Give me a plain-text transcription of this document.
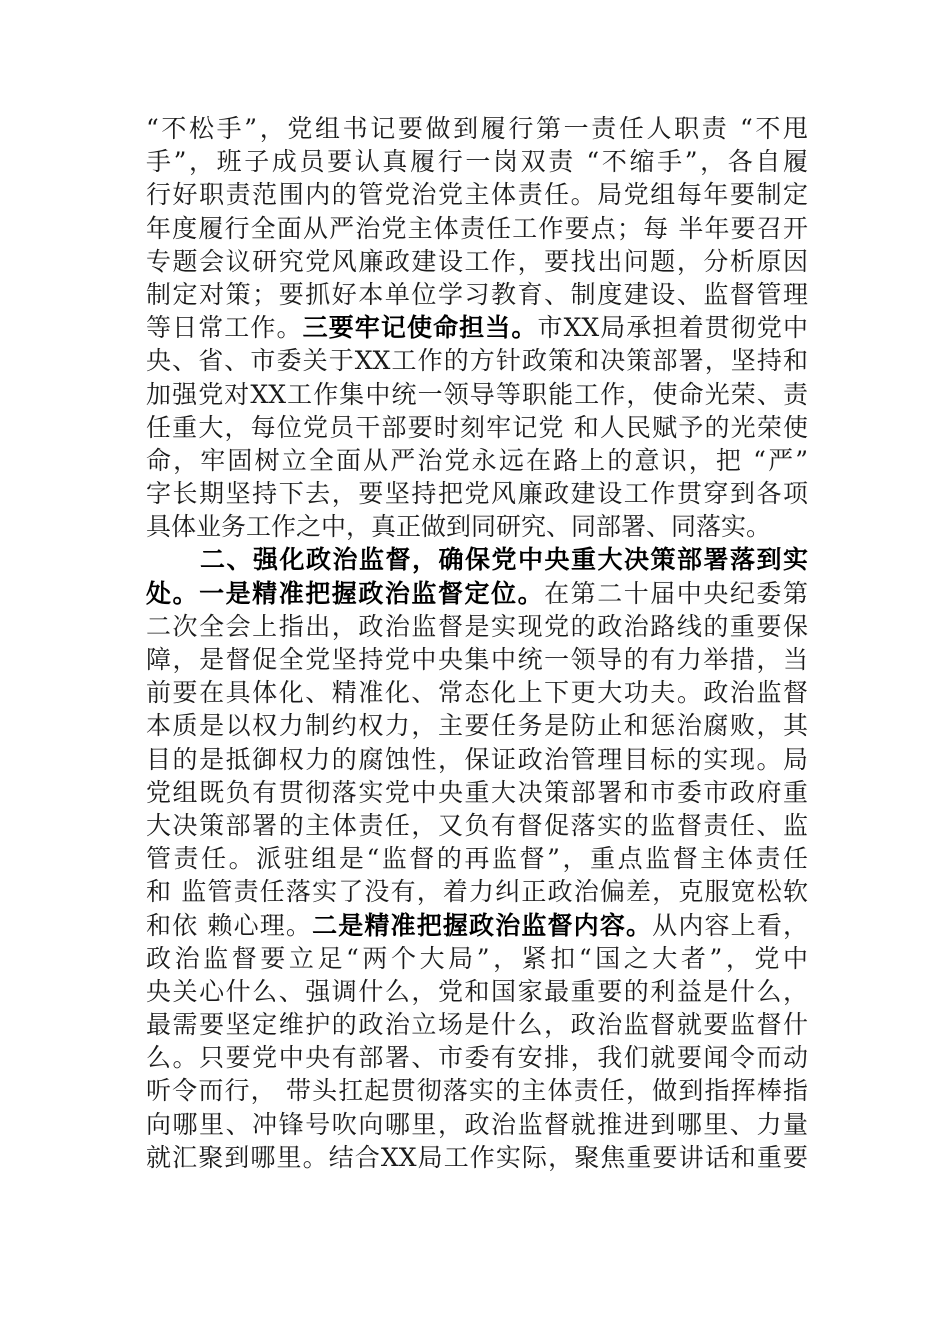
“不松手”，党组书记要做到履行第一责任人职责 “不甩
手”，班子成员要认真履行一岗双责 “不缩手”，各自履
行好职责范围内的管党治党主体责任。局党组每年要制定
年度履行全面从严治党主体责任工作要点；每 半年要召开
专题会议研究党风廉政建设工作，要找出问题，分析原因
制定对策；要抓好本单位学习教育、制度建设、监督管理
等日常工作。三要牢记使命担当。市XX局承担着贯彻党中
央、省、市委关于XX工作的方针政策和决策部署，坚持和
加强党对XX工作集中统一领导等职能工作，使命光荣、责
任重大，每位党员干部要时刻牢记党 和人民赋予的光荣使
命，牢固树立全面从严治党永远在路上的意识，把 “严”
字长期坚持下去，要坚持把党风廉政建设工作贯穿到各项
具体业务工作之中，真正做到同研究、同部署、同落实。
二、强化政治监督，确保党中央重大决策部署落到实
处。一是精准把握政治监督定位。在第二十届中央纪委第
二次全会上指出，政治监督是实现党的政治路线的重要保
障，是督促全党坚持党中央集中统一领导的有力举措，当
前要在具体化、精准化、常态化上下更大功夫。政治监督
本质是以权力制约权力，主要任务是防止和惩治腐败，其
目的是抵御权力的腐蚀性，保证政治管理目标的实现。局
党组既负有贯彻落实党中央重大决策部署和市委市政府重
大决策部署的主体责任，又负有督促落实的监督责任、监
管责任。派驻组是“监督的再监督”，重点监督主体责任
和 监管责任落实了没有，着力纠正政治偏差，克服宽松软
和依 赖心理。二是精准把握政治监督内容。从内容上看，
政治监督要立足“两个大局”，紧扣“国之大者”，党中
央关心什么、强调什么，党和国家最重要的利益是什么，
最需要坚定维护的政治立场是什么，政治监督就要监督什
么。只要党中央有部署、市委有安排，我们就要闻令而动
听令而行， 带头扛起贯彻落实的主体责任，做到指挥棒指
向哪里、冲锋号吹向哪里，政治监督就推进到哪里、力量
就汇聚到哪里。结合XX局工作实际，聚焦重要讲话和重要
